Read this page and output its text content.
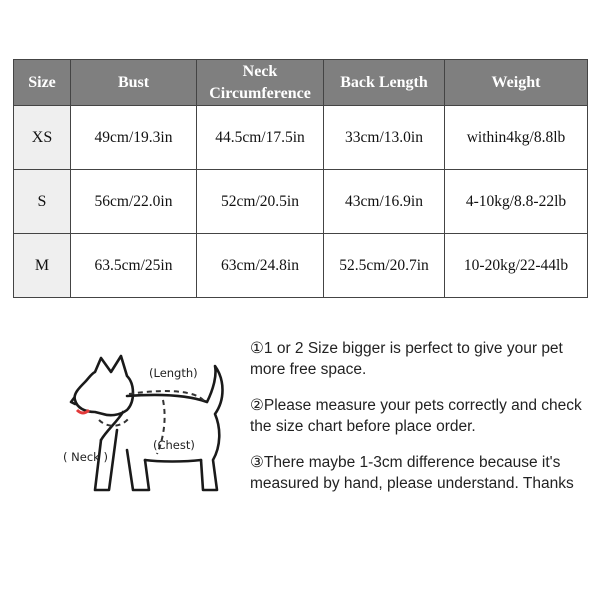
Size	Bust	Neck Circumference	Back Length	Weight
XS	49cm/19.3in	44.5cm/17.5in	33cm/13.0in	within4kg/8.8lb
S	56cm/22.0in	52cm/20.5in	43cm/16.9in	4-10kg/8.8-22lb
M	63.5cm/25in	63cm/24.8in	52.5cm/20.7in	10-20kg/22-44lb
(Length)
(Chest)
( Neck )

①1 or 2 Size bigger is perfect to give your pet more free space.

②Please measure your pets correctly and check the size chart before place order.

③There maybe 1-3cm difference because it's measured by hand, please understand. Thanks
